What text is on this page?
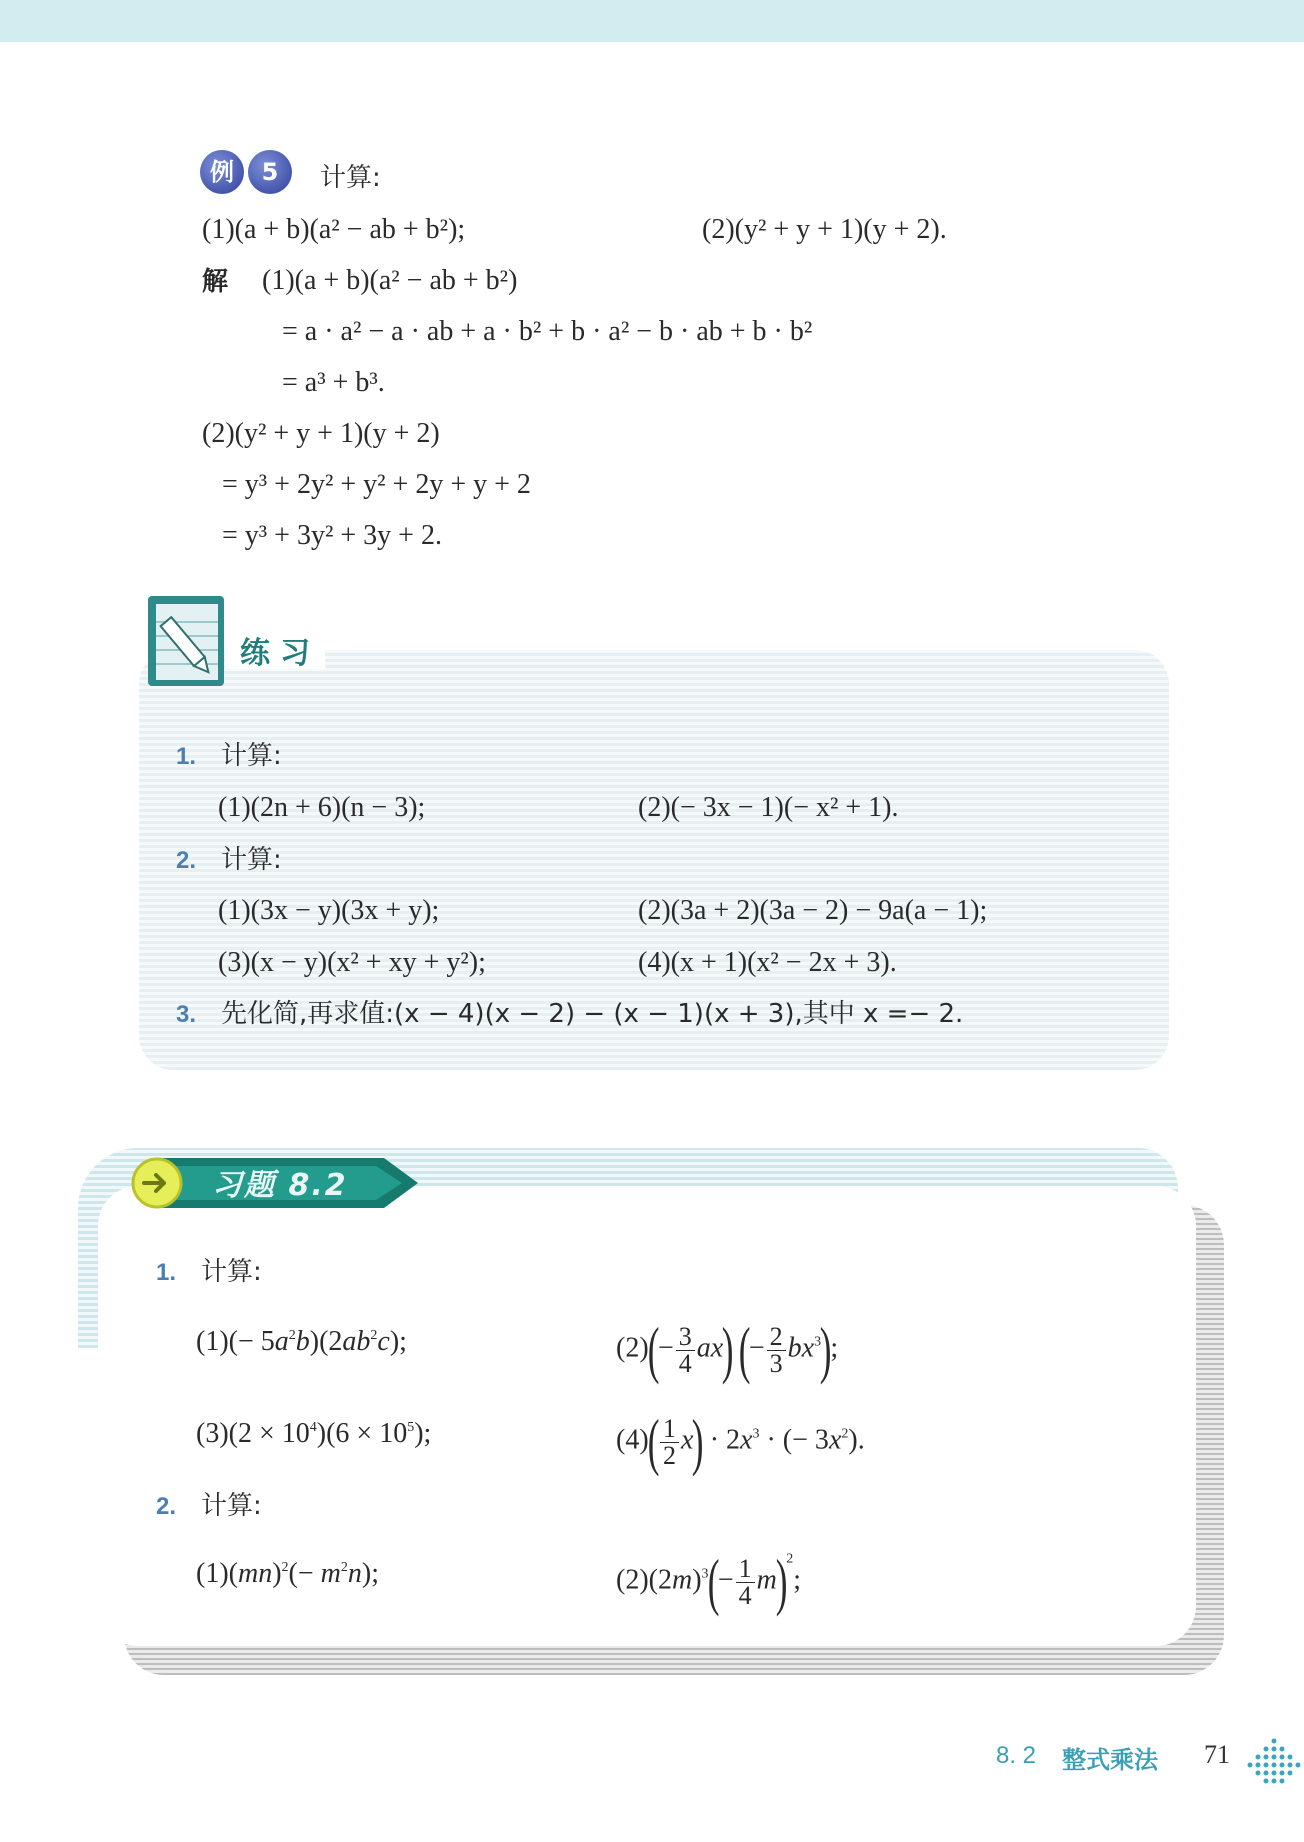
例	5	计算:
(1)(a + b)(a² − ab + b²);	(2)(y² + y + 1)(y + 2).
解 (1)(a + b)(a² − ab + b²)
= a · a² − a · ab + a · b² + b · a² − b · ab + b · b²
= a³ + b³.
(2)(y² + y + 1)(y + 2)
= y³ + 2y² + y² + 2y + y + 2
= y³ + 3y² + 3y + 2.
练习
1. 计算:
(1)(2n + 6)(n − 3);	(2)(− 3x − 1)(− x² + 1).
2. 计算:
(1)(3x − y)(3x + y);	(2)(3a + 2)(3a − 2) − 9a(a − 1);
(3)(x − y)(x² + xy + y²);	(4)(x + 1)(x² − 2x + 3).
3. 先化简,再求值:(x − 4)(x − 2) − (x − 1)(x + 3),其中 x =− 2.
习题 8.2
1. 计算:
$(1)(- 5a^2b)(2ab^2c)$;	$(2)(- \frac{3}{4} ax)$ (− $\frac{2}{3} bx^3$);
$(3)(2 \times 10^4)(6 \times 10^5)$;	$(4)( \frac{1}{2} x) \cdot 2x^3$ · (− $3x^2$).
2. 计算:
$(1)(mn)^2(- m^2n)$;	$(2)(2m)^3(- \frac{1}{4} m)^2$;
8. 2 整式乘法 71
